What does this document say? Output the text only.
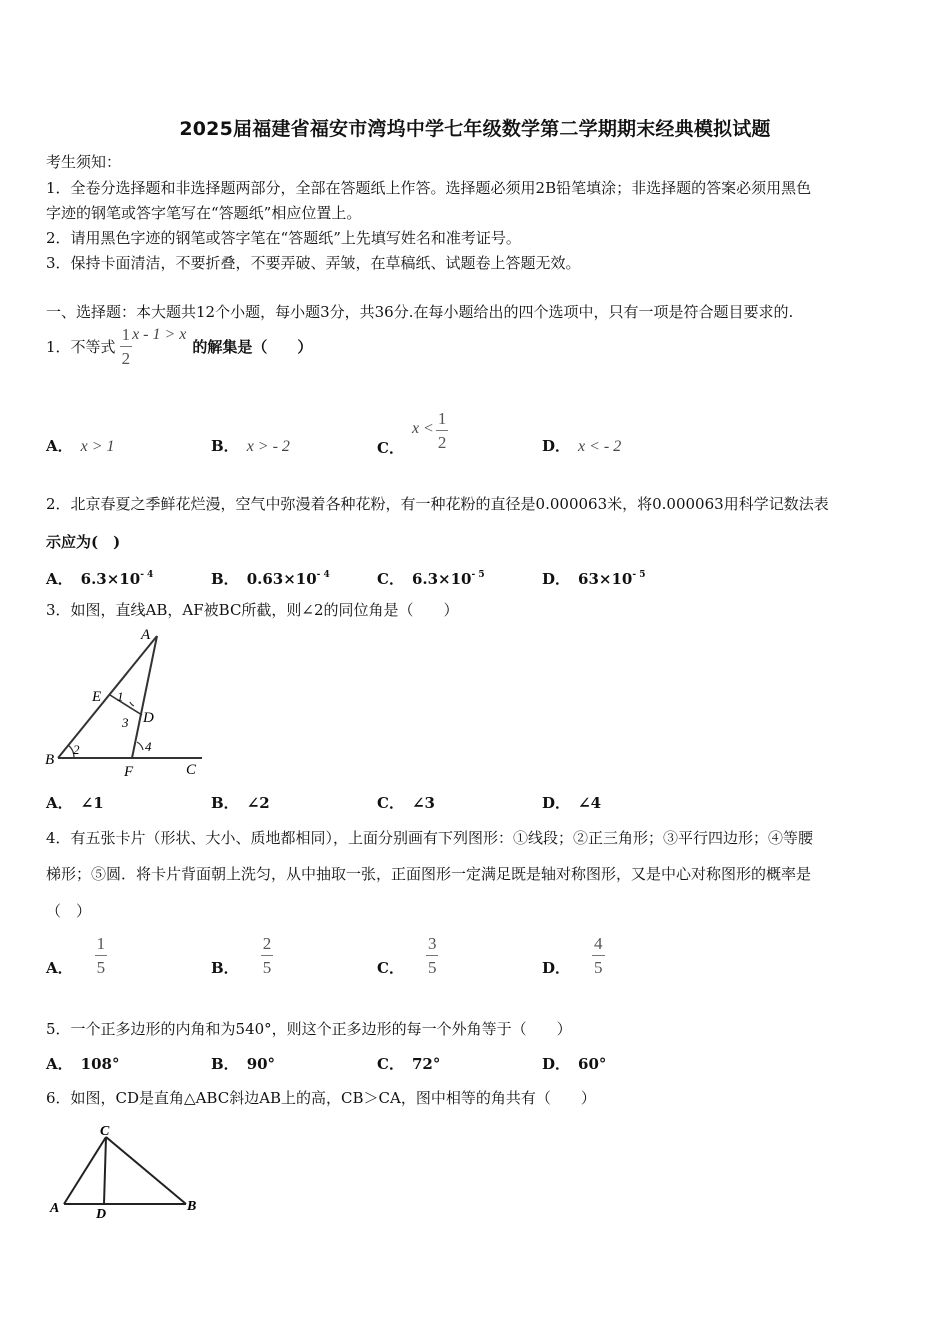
2025届福建省福安市湾坞中学七年级数学第二学期期末经典模拟试题
考生须知：
1．全卷分选择题和非选择题两部分，全部在答题纸上作答。选择题必须用2B铅笔填涂；非选择题的答案必须用黑色
字迹的钢笔或答字笔写在“答题纸”相应位置上。
2．请用黑色字迹的钢笔或答字笔在“答题纸”上先填写姓名和准考证号。
3．保持卡面清洁，不要折叠，不要弄破、弄皱，在草稿纸、试题卷上答题无效。
一、选择题：本大题共12个小题，每小题3分，共36分.在每小题给出的四个选项中，只有一项是符合题目要求的.
1． 不等式 $\frac{1}{2}$ x - 1 > x
的解集是（　　）
A． x > 1	B． x > - 2	C．
$x < \frac{1}{2}$	D． x < - 2
2．北京春夏之季鲜花烂漫，空气中弥漫着各种花粉，有一种花粉的直径是0.000063米，将0.000063用科学记数法表
示应为(　)
A． $6.3\times 10^{- 4}$	B． $0.63\times 10^{- 4}$	C． $6.3\times 10^{- 5}$	D． $63\times 10^{- 5}$
3．如图，直线AB，AF被BC所截，则∠2的同位角是（　　）
A
E 1
3 D
B
2	4
F	C
A． ∠1	B． ∠2	C． ∠3	D． ∠4
4．有五张卡片（形状、大小、质地都相同），上面分别画有下列图形：①线段；②正三角形；③平行四边形；④等腰
梯形；⑤圆．将卡片背面朝上洗匀，从中抽取一张，正面图形一定满足既是轴对称图形，又是中心对称图形的概率是
（　）
A． $\frac{1}{5}$	B． $\frac{2}{5}$	C． $\frac{3}{5}$	D． $\frac{4}{5}$
5．一个正多边形的内角和为540°，则这个正多边形的每一个外角等于（　　）
A． 108°	B． 90°	C． 72°	D． 60°
6．如图，CD是直角△ABC斜边AB上的高，CB＞CA，图中相等的角共有（　　）
C
A	D
B
